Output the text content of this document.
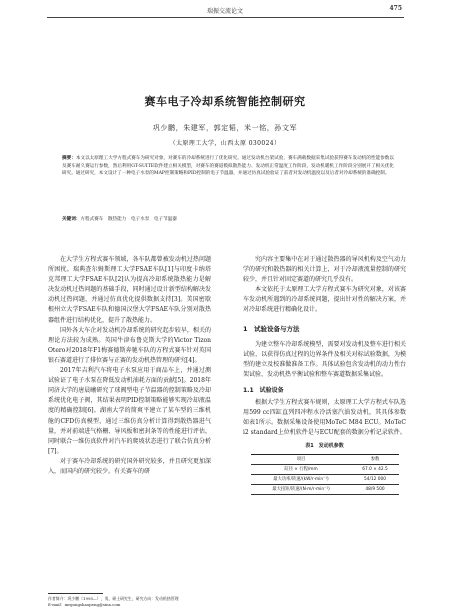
瑞振交流论文	475
赛车电子冷却系统智能控制研究
巩少鹏，朱建军，郭定韬，米一铭，孙文军
（太原理工大学，山西太原 030024）
摘要：本文以太原理工大学方程式赛车为研究对象，对赛车的冷却系统进行了优化研究。通过发动机台架试验，赛车满载数据采集试验获得赛车发动机的性能参数以及赛车耐久赛运行参数，然后利用GT-SUITE软件建立相关模型，对赛车的赛道模拟散热能力、发动机正常温度工作阶段、发动机暖机工作阶段分别展开了相关优化研究。通过研究，本文设计了一种电子水泵的MAP控制策略和PID控制的电子节温器，并通过仿真试验验证了前者对发动机温度以及后者对冷却系统的准确控制。
关键词：方程式赛车　散热能力　电子水泵　电子节温器

在大学生方程式赛车领域，各车队都曾被发动机过热问题所困扰。瑞典查尔姆斯理工大学FSAE车队[1]与印度卡纳塔克邦理工大学FSAE车队[2]认为提高冷却系统散热能力是解决发动机过热问题的基础手段，同时通过设计新型结构解决发动机过热问题，并通过仿真优化提供数据支持[3]。美国密歇根州立大学FSAE车队和德国汉堡大学FSAE车队分别对散热器组件进行结构优化，提升了散热能力。

国外各大车企对发动机冷却系统的研究起步较早，相关的理论方法较为成熟。英国牛津布鲁克斯大学的Victor Tizon Otero对2018年F1梅赛德斯奔驰车队的方程式赛车针对英国银石赛道进行了排位赛与正赛的发动机热管理的研究[4]。

2017年吉利汽车将电子水泵应用于商品车上，并通过测试验证了电子水泵在降低发动机油耗方面的贡献[5]。2018年同济大学的唐晨曦研究了球阀型电子节温器的控制策略及冷却系统优化电子阀，其结果表明PID控制策略能够实现冷却液温度的精确控制[6]。湖南大学的简爽平建立了某车型的三维机舱的CFD仿真模型，通过三维仿真分析计算得到散热器进气量，并对前端进气格栅、导风板和密封条等的性能进行评估，同时联合一维仿真软件对汽车的爬坡状态进行了联合仿真分析[7]。

对于赛车冷却系统的研究国外研究较多，并且研究更加深入，而国内的研究较少。有关赛车的研

究内容主要集中在对于通过散热器的导风机构及空气动力学的研究和散热器的相关计算上，对于冷却液流量控制的研究较少，并且针对固定赛道的研究几乎没有。

本文依托于太原理工大学方程式赛车为研究对象，对该赛车发动机所遇到的冷却系统问题，提出针对性的解决方案，并对冷却系统进行精确化设计。

1　试验设备与方法

为建立整车冷却系统模型，需要对发动机及整车进行相关试验，以获得仿真过程的边界条件及相关对标试验数据，为模型的建立及校准做准备工作。具体试验包含发动机的动力性台架试验、发动机热平衡试验和整车赛道数据采集试验。

1.1　试验设备

根据大学生方程式赛车规则，太原理工大学方程式车队选用599 cc四缸直列四冲程水冷活塞汽油发动机，其具体参数如表1所示。数据采集设备使用MoTeC M84 ECU。MoTeC i2 standard上位机软件是与ECU配套的数据分析记录软件。

表1　发动机参数
项目	参数
缸径 × 行程/mm	67.0 × 42.5
最大功率/转速/(kW/r·min⁻¹)	54/12 000
最大扭矩/转速/(N·m/r·min⁻¹)	48/9 500
作者简介：巩少鹏（1995—），男，硕士研究生，研究方向：发动机热管理
E-mail：mrgongshaopeng@sina.com
